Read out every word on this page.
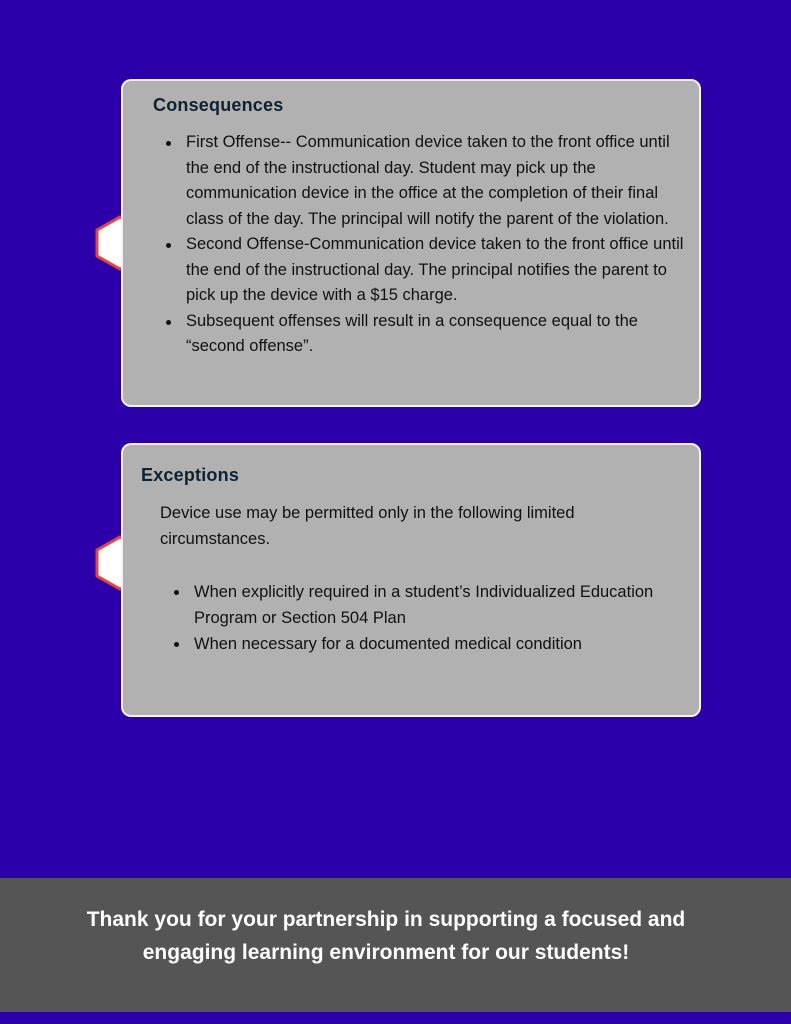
Consequences
First Offense-- Communication device taken to the front office until the end of the instructional day. Student may pick up the communication device in the office at the completion of their final class of the day. The principal will notify the parent of the violation.
Second Offense-Communication device taken to the front office until the end of the instructional day. The principal notifies the parent to pick up the device with a $15 charge.
Subsequent offenses will result in a consequence equal to the “second offense”.
Exceptions

Device use may be permitted only in the following limited circumstances.

When explicitly required in a student’s Individualized Education Program or Section 504 Plan
When necessary for a documented medical condition

Thank you for your partnership in supporting a focused and
engaging learning environment for our students!
